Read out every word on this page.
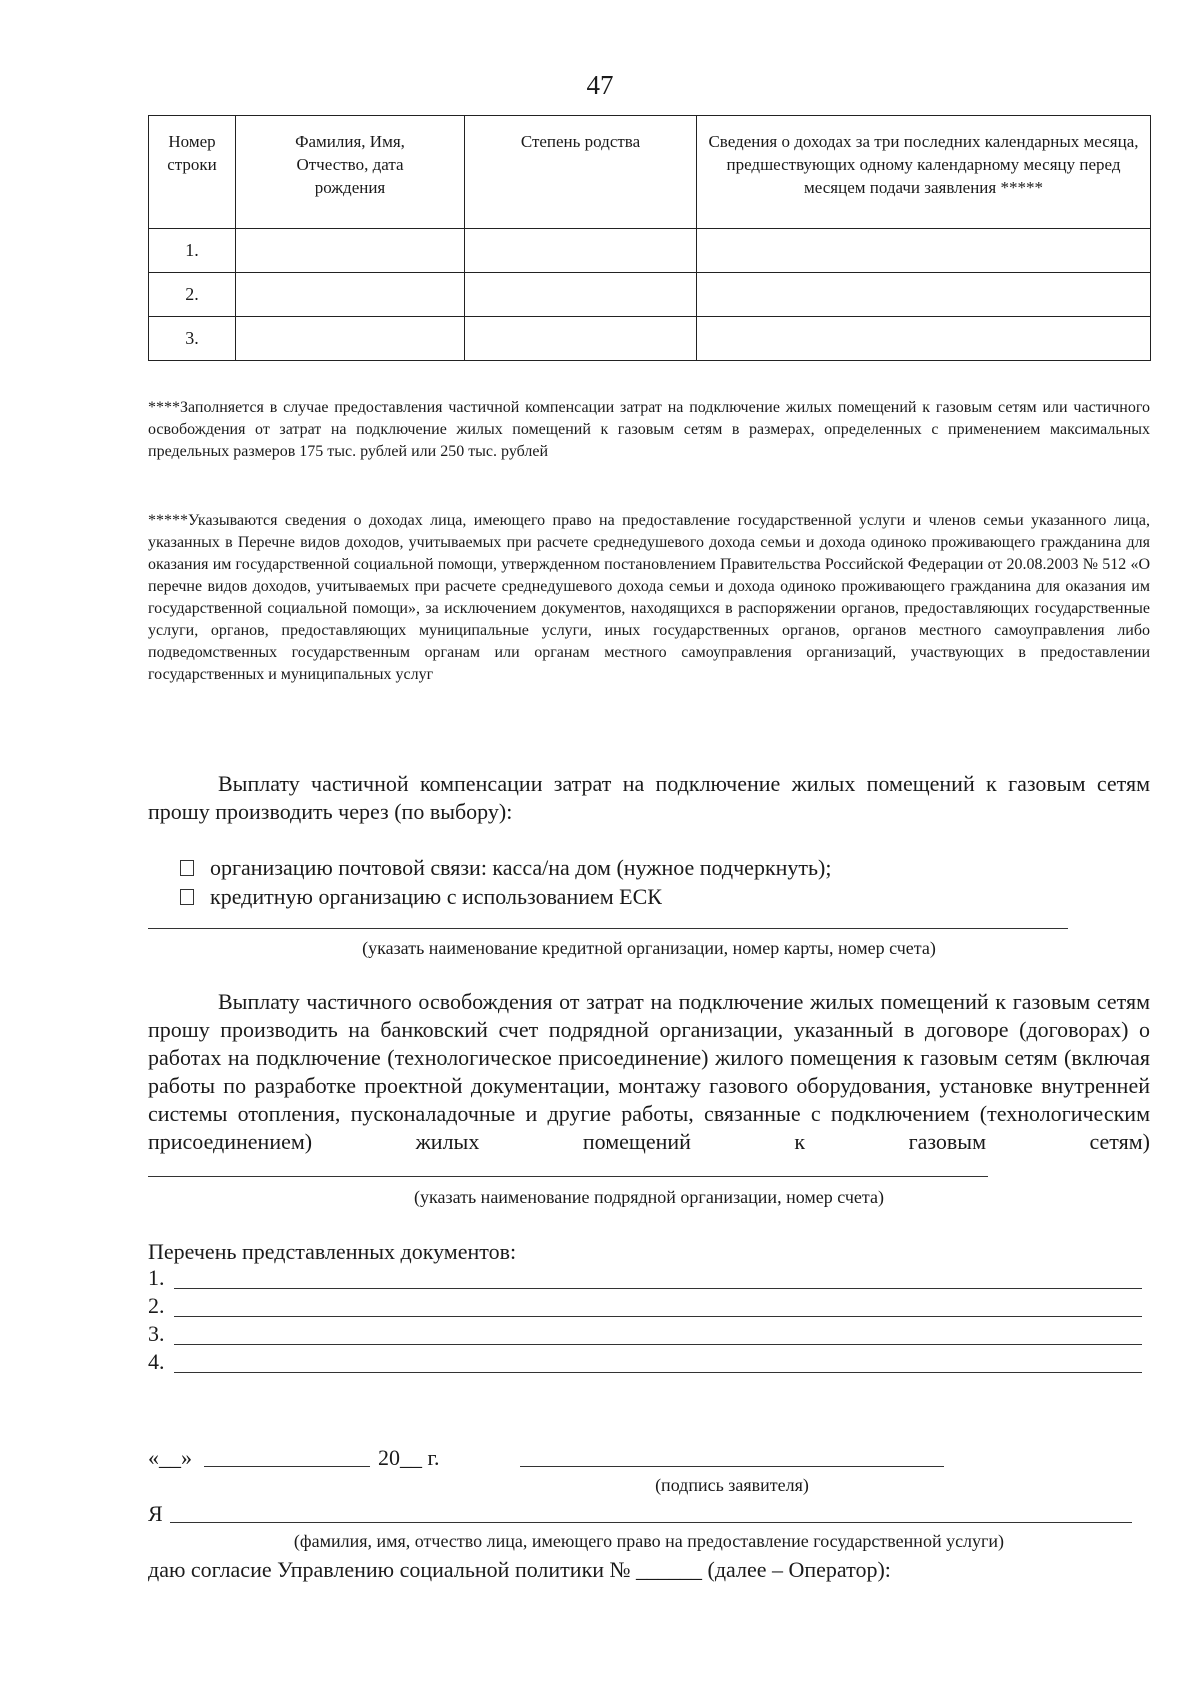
47
Номер строки	Фамилия, Имя, Отчество, дата рождения	Степень родства	Сведения о доходах за три последних календарных месяца, предшествующих одному календарному месяцу перед месяцем подачи заявления *****
1.			
2.			
3.			
****Заполняется в случае предоставления частичной компенсации затрат на подключение жилых помещений к газовым сетям или частичного освобождения от затрат на подключение жилых помещений к газовым сетям в размерах, определенных с применением максимальных предельных размеров 175 тыс. рублей или 250 тыс. рублей
*****Указываются сведения о доходах лица, имеющего право на предоставление государственной услуги и членов семьи указанного лица, указанных в Перечне видов доходов, учитываемых при расчете среднедушевого дохода семьи и дохода одиноко проживающего гражданина для оказания им государственной социальной помощи, утвержденном постановлением Правительства Российской Федерации от 20.08.2003 № 512 «О перечне видов доходов, учитываемых при расчете среднедушевого дохода семьи и дохода одиноко проживающего гражданина для оказания им государственной социальной помощи», за исключением документов, находящихся в распоряжении органов, предоставляющих государственные услуги, органов, предоставляющих муниципальные услуги, иных государственных органов, органов местного самоуправления либо подведомственных государственным органам или органам местного самоуправления организаций, участвующих в предоставлении государственных и муниципальных услуг
Выплату частичной компенсации затрат на подключение жилых помещений к газовым сетям прошу производить через (по выбору):
организацию почтовой связи: касса/на дом (нужное подчеркнуть);
кредитную организацию с использованием ЕСК
(указать наименование кредитной организации, номер карты, номер счета)
Выплату частичного освобождения от затрат на подключение жилых помещений к газовым сетям прошу производить на банковский счет подрядной организации, указанный в договоре (договорах) о работах на подключение (технологическое присоединение) жилого помещения к газовым сетям (включая работы по разработке проектной документации, монтажу газового оборудования, установке внутренней системы отопления, пусконаладочные и другие работы, связанные с подключением (технологическим присоединением) жилых помещений к газовым сетям)
(указать наименование подрядной организации, номер счета)
Перечень представленных документов:
1.
2.
3.
4.
«__»	20__ г.
(подпись заявителя)
Я
(фамилия, имя, отчество лица, имеющего право на предоставление государственной услуги)
даю согласие Управлению социальной политики № ______ (далее – Оператор):
